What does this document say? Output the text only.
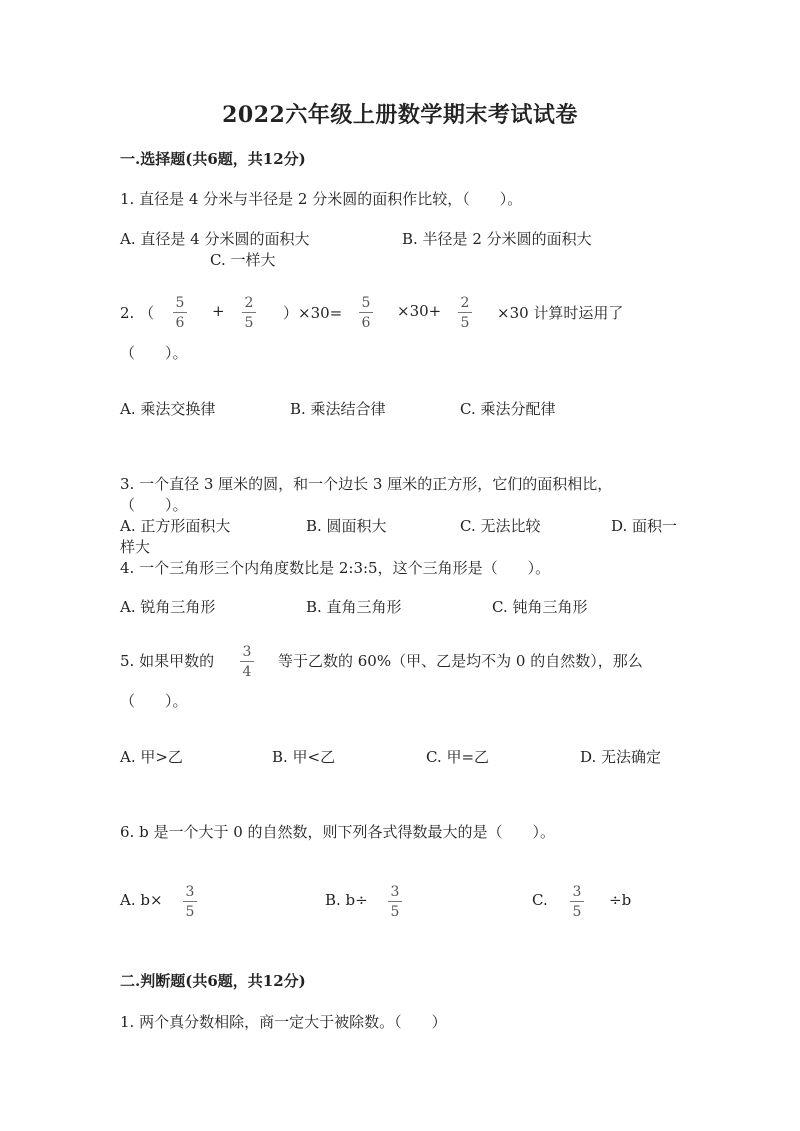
2022六年级上册数学期末考试试卷
一.选择题(共6题，共12分)
1. 直径是 4 分米与半径是 2 分米圆的面积作比较，（　　）。
A. 直径是 4 分米圆的面积大	B. 半径是 2 分米圆的面积大
C. 一样大
2. （
5
6
+ 2
5
）×30=
5
6
×30+ 2
5
×30 计算时运用了
（　　）。
A. 乘法交换律	B. 乘法结合律	C. 乘法分配律
3. 一个直径 3 厘米的圆，和一个边长 3 厘米的正方形，它们的面积相比，
（　　）。
A. 正方形面积大	B. 圆面积大	C. 无法比较	D. 面积一
样大
4. 一个三角形三个内角度数比是 2:3:5，这个三角形是（　　）。
A. 锐角三角形	B. 直角三角形	C. 钝角三角形
5. 如果甲数的 3
4
等于乙数的 60%（甲、乙是均不为 0 的自然数），那么
（　　）。
A. 甲>乙	B. 甲<乙	C. 甲=乙	D. 无法确定
6. b 是一个大于 0 的自然数，则下列各式得数最大的是（　　）。
A. b× 3
5
B. b÷ 3
5
C. 3
5
÷b
二.判断题(共6题，共12分)
1. 两个真分数相除，商一定大于被除数。（　　）
